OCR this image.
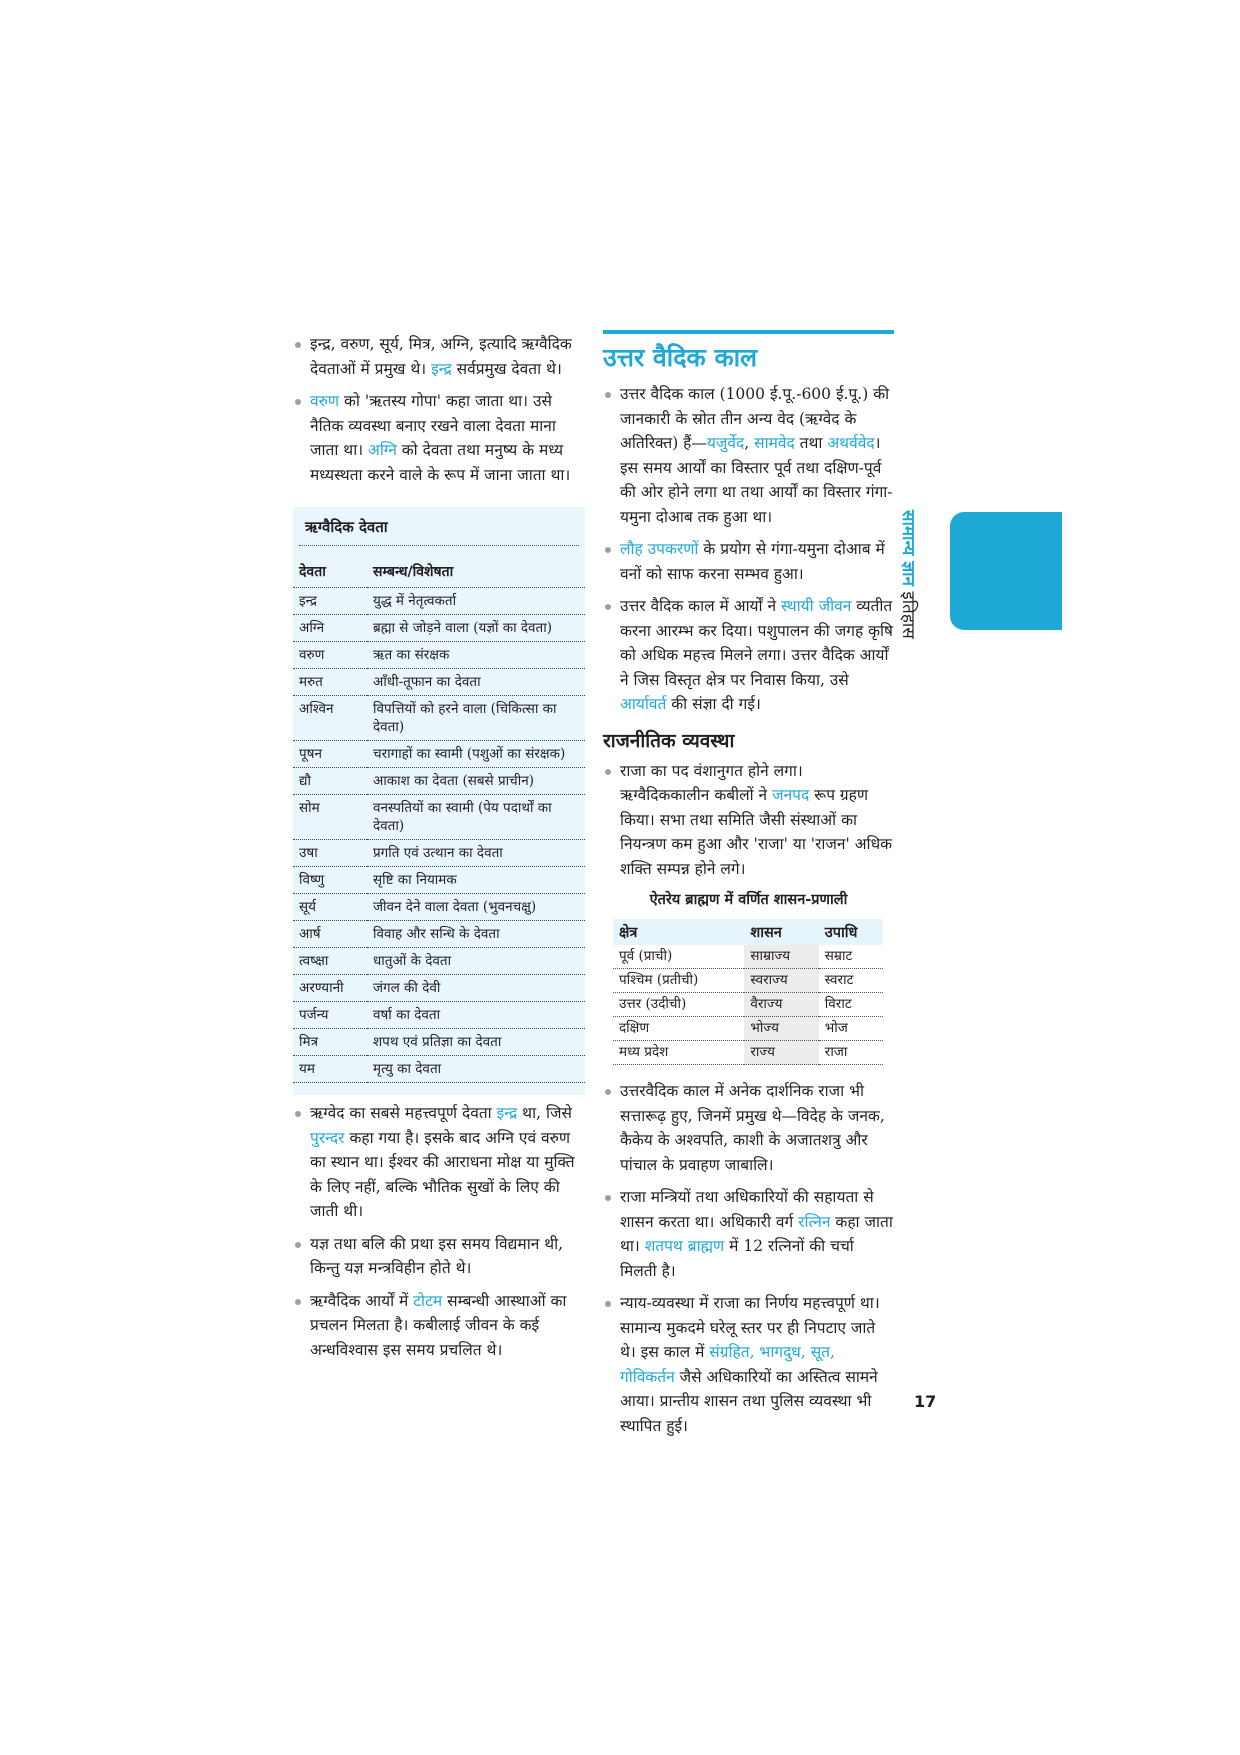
इन्द्र, वरुण, सूर्य, मित्र, अग्नि, इत्यादि ऋग्वैदिक देवताओं में प्रमुख थे। इन्द्र सर्वप्रमुख देवता थे।
वरुण को 'ऋतस्य गोपा' कहा जाता था। उसे नैतिक व्यवस्था बनाए रखने वाला देवता माना जाता था। अग्नि को देवता तथा मनुष्य के मध्य मध्यस्थता करने वाले के रूप में जाना जाता था।
ऋग्वैदिक देवता
देवता	सम्बन्ध/विशेषता
इन्द्र	युद्ध में नेतृत्वकर्ता
अग्नि	ब्रह्मा से जोड़ने वाला (यज्ञों का देवता)
वरुण	ऋत का संरक्षक
मरुत	आँधी-तूफान का देवता
अश्विन	विपत्तियों को हरने वाला (चिकित्सा का देवता)
पूषन	चरागाहों का स्वामी (पशुओं का संरक्षक)
द्यौ	आकाश का देवता (सबसे प्राचीन)
सोम	वनस्पतियों का स्वामी (पेय पदार्थों का देवता)
उषा	प्रगति एवं उत्थान का देवता
विष्णु	सृष्टि का नियामक
सूर्य	जीवन देने वाला देवता (भुवनचक्षु)
आर्ष	विवाह और सन्धि के देवता
त्वष्क्षा	धातुओं के देवता
अरण्यानी	जंगल की देवी
पर्जन्य	वर्षा का देवता
मित्र	शपथ एवं प्रतिज्ञा का देवता
यम	मृत्यु का देवता
ऋग्वेद का सबसे महत्त्वपूर्ण देवता इन्द्र था, जिसे पुरन्दर कहा गया है। इसके बाद अग्नि एवं वरुण का स्थान था। ईश्वर की आराधना मोक्ष या मुक्ति के लिए नहीं, बल्कि भौतिक सुखों के लिए की जाती थी।
यज्ञ तथा बलि की प्रथा इस समय विद्यमान थी, किन्तु यज्ञ मन्त्रविहीन होते थे।
ऋग्वैदिक आर्यों में टोटम सम्बन्धी आस्थाओं का प्रचलन मिलता है। कबीलाई जीवन के कई अन्धविश्वास इस समय प्रचलित थे।
उत्तर वैदिक काल
उत्तर वैदिक काल (1000 ई.पू.-600 ई.पू.) की जानकारी के स्रोत तीन अन्य वेद (ऋग्वेद के अतिरिक्त) हैं—यजुर्वेद, सामवेद तथा अथर्ववेद। इस समय आर्यों का विस्तार पूर्व तथा दक्षिण-पूर्व की ओर होने लगा था तथा आर्यों का विस्तार गंगा-यमुना दोआब तक हुआ था।
लौह उपकरणों के प्रयोग से गंगा-यमुना दोआब में वनों को साफ करना सम्भव हुआ।
उत्तर वैदिक काल में आर्यों ने स्थायी जीवन व्यतीत करना आरम्भ कर दिया। पशुपालन की जगह कृषि को अधिक महत्त्व मिलने लगा। उत्तर वैदिक आर्यों ने जिस विस्तृत क्षेत्र पर निवास किया, उसे आर्यावर्त की संज्ञा दी गई।
राजनीतिक व्यवस्था
राजा का पद वंशानुगत होने लगा। ऋग्वैदिककालीन कबीलों ने जनपद रूप ग्रहण किया। सभा तथा समिति जैसी संस्थाओं का नियन्त्रण कम हुआ और 'राजा' या 'राजन' अधिक शक्ति सम्पन्न होने लगे।
ऐतरेय ब्राह्मण में वर्णित शासन-प्रणाली
क्षेत्र	शासन	उपाधि
पूर्व (प्राची)	साम्राज्य	सम्राट
पश्चिम (प्रतीची)	स्वराज्य	स्वराट
उत्तर (उदीची)	वैराज्य	विराट
दक्षिण	भोज्य	भोज
मध्य प्रदेश	राज्य	राजा
उत्तरवैदिक काल में अनेक दार्शनिक राजा भी सत्तारूढ़ हुए, जिनमें प्रमुख थे—विदेह के जनक, कैकेय के अश्वपति, काशी के अजातशत्रु और पांचाल के प्रवाहण जाबालि।
राजा मन्त्रियों तथा अधिकारियों की सहायता से शासन करता था। अधिकारी वर्ग रत्निन कहा जाता था। शतपथ ब्राह्मण में 12 रत्निनों की चर्चा मिलती है।
न्याय-व्यवस्था में राजा का निर्णय महत्त्वपूर्ण था। सामान्य मुकदमे घरेलू स्तर पर ही निपटाए जाते थे। इस काल में संग्रहित, भागदुध, सूत, गोविकर्तन जैसे अधिकारियों का अस्तित्व सामने आया। प्रान्तीय शासन तथा पुलिस व्यवस्था भी स्थापित हुई।
सामान्य ज्ञान इतिहास
17
